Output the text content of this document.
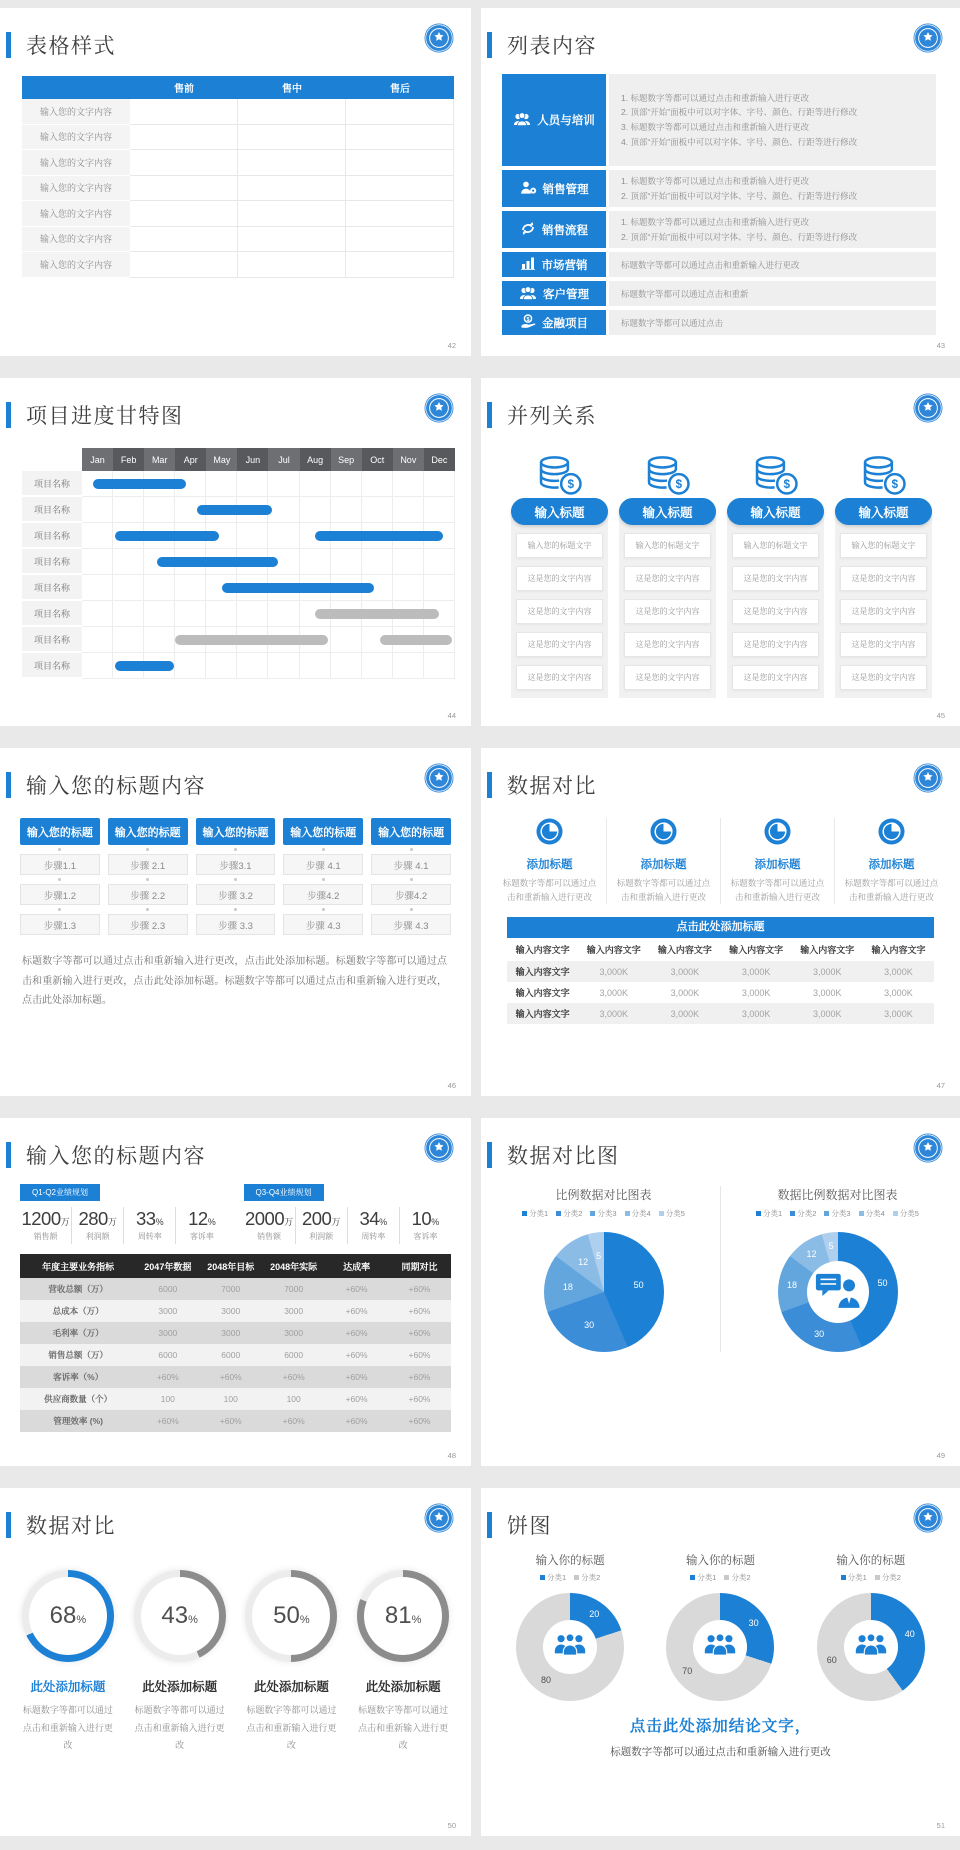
表格样式
售前	售中	售后
输入您的文字内容
输入您的文字内容
输入您的文字内容
输入您的文字内容
输入您的文字内容
输入您的文字内容
输入您的文字内容
42
列表内容
人员与培训
1. 标题数字等都可以通过点击和重新输入进行更改
2. 顶部“开始”面板中可以对字体、字号、颜色、行距等进行修改
3. 标题数字等都可以通过点击和重新输入进行更改
4. 顶部“开始”面板中可以对字体、字号、颜色、行距等进行修改
销售管理
1. 标题数字等都可以通过点击和重新输入进行更改
2. 顶部“开始”面板中可以对字体、字号、颜色、行距等进行修改
销售流程
1. 标题数字等都可以通过点击和重新输入进行更改
2. 顶部“开始”面板中可以对字体、字号、颜色、行距等进行修改
市场营销	标题数字等都可以通过点击和重新输入进行更改
客户管理	标题数字等都可以通过点击和重新
$ 金融项目	标题数字等都可以通过点击
43
项目进度甘特图
Jan	Feb	Mar	Apr	May	Jun	Jul	Aug	Sep	Oct	Nov	Dec
项目名称
项目名称
项目名称
项目名称
项目名称
项目名称
项目名称
项目名称
44
并列关系
$
输入标题
输入您的标题文字
这是您的文字内容
这是您的文字内容
这是您的文字内容
这是您的文字内容
$
输入标题
输入您的标题文字
这是您的文字内容
这是您的文字内容
这是您的文字内容
这是您的文字内容
$
输入标题
输入您的标题文字
这是您的文字内容
这是您的文字内容
这是您的文字内容
这是您的文字内容
$
输入标题
输入您的标题文字
这是您的文字内容
这是您的文字内容
这是您的文字内容
这是您的文字内容
45
输入您的标题内容
输入您的标题
步骤1.1
步骤1.2
步骤1.3
输入您的标题
步骤 2.1
步骤 2.2
步骤 2.3
输入您的标题
步骤3.1
步骤 3.2
步骤 3.3
输入您的标题
步骤 4.1
步骤4.2
步骤 4.3
输入您的标题
步骤 4.1
步骤4.2
步骤 4.3

标题数字等都可以通过点击和重新输入进行更改，点击此处添加标题。标题数字等都可以通过点击和重新输入进行更改，点击此处添加标题。标题数字等都可以通过点击和重新输入进行更改，点击此处添加标题。

46
数据对比
添加标题
标题数字等都可以通过点击和重新输入进行更改
添加标题
标题数字等都可以通过点击和重新输入进行更改
添加标题
标题数字等都可以通过点击和重新输入进行更改
添加标题
标题数字等都可以通过点击和重新输入进行更改
点击此处添加标题
输入内容文字	输入内容文字	输入内容文字	输入内容文字	输入内容文字	输入内容文字
输入内容文字	3,000K	3,000K	3,000K	3,000K	3,000K
输入内容文字	3,000K	3,000K	3,000K	3,000K	3,000K
输入内容文字	3,000K	3,000K	3,000K	3,000K	3,000K
47
输入您的标题内容
Q1-Q2业绩规划
1200万
销售额
280万
利润额
33%
周转率
12%
客诉率
Q3-Q4业绩规划
2000万
销售额
200万
利润额
34%
周转率
10%
客诉率
年度主要业务指标	2047年数据	2048年目标	2048年实际	达成率	同期对比
营收总额（万）	6000	7000	7000	+60%	+60%
总成本（万）	3000	3000	3000	+60%	+60%
毛利率（万）	3000	3000	3000	+60%	+60%
销售总额（万）	6000	6000	6000	+60%	+60%
客诉率（%）	+60%	+60%	+60%	+60%	+60%
供应商数量（个）	100	100	100	+60%	+60%
管理效率 (%)	+60%	+60%	+60%	+60%	+60%
48
数据对比图
比例数据对比图表
分类1	分类2	分类3	分类4	分类5
50
30
18
12
5
数据比例数据对比图表
分类1	分类2	分类3	分类4	分类5
50
30
18
12
5
49
数据对比
68 %
此处添加标题
标题数字等都可以通过点击和重新输入进行更改
43 %
此处添加标题
标题数字等都可以通过点击和重新输入进行更改
50 %
此处添加标题
标题数字等都可以通过点击和重新输入进行更改
81 %
此处添加标题
标题数字等都可以通过点击和重新输入进行更改
50
饼图
输入你的标题
分类1	分类2
20
80
输入你的标题
分类1	分类2
30
70
输入你的标题
分类1	分类2
40
60
点击此处添加结论文字，
标题数字等都可以通过点击和重新输入进行更改
51
